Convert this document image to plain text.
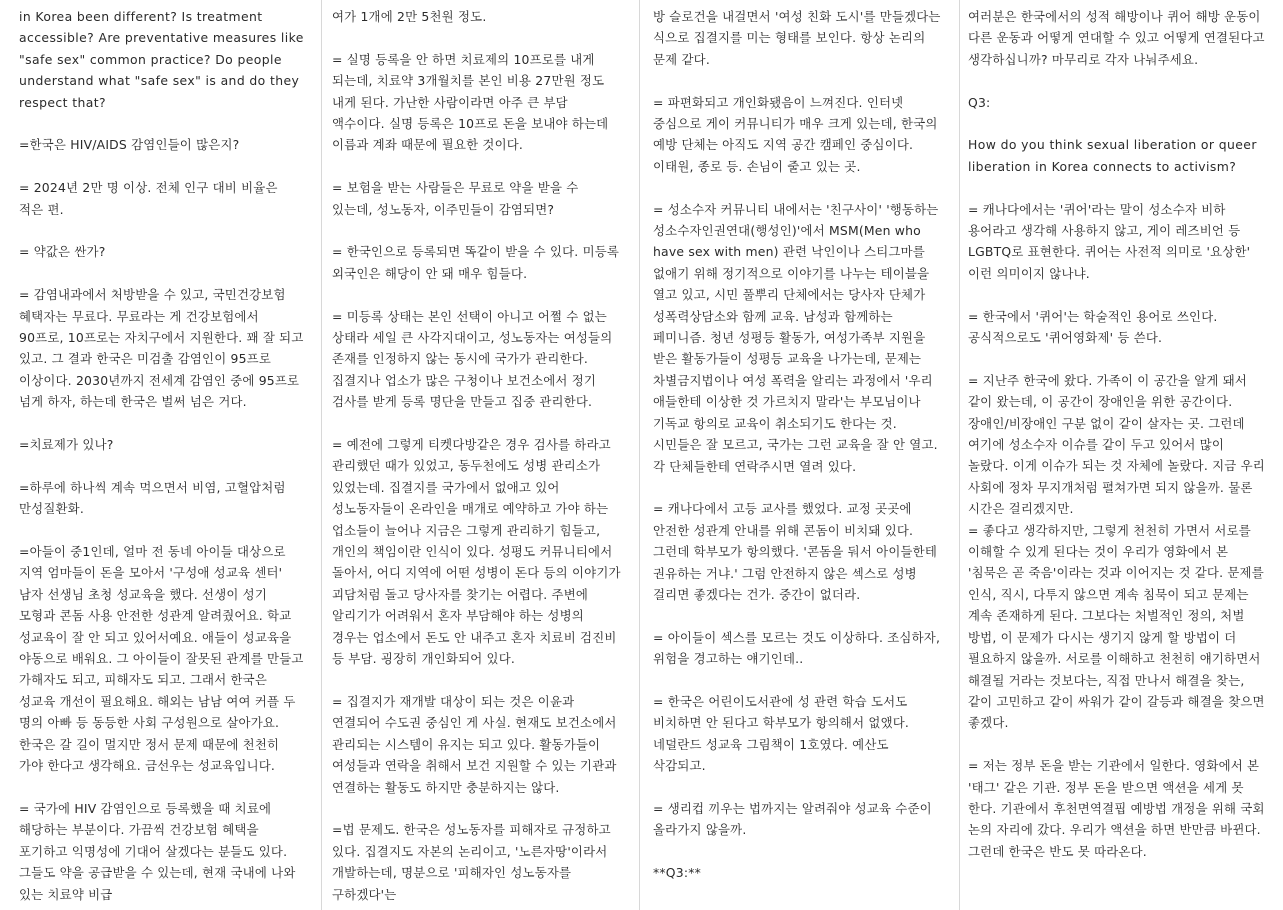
in Korea been different? Is treatment accessible? Are preventative measures like "safe sex" common practice? Do people understand what "safe sex" is and do they respect that?

=한국은 HIV/AIDS 감염인들이 많은지?

= 2024년 2만 명 이상. 전체 인구 대비 비율은 적은 편.

= 약값은 싼가?

= 감염내과에서 처방받을 수 있고, 국민건강보험 혜택자는 무료다. 무료라는 게 건강보험에서 90프로, 10프로는 자치구에서 지원한다. 꽤 잘 되고 있고. 그 결과 한국은 미검출 감염인이 95프로 이상이다. 2030년까지 전세계 감염인 중에 95프로 넘게 하자, 하는데 한국은 벌써 넘은 거다.

=치료제가 있나?

=하루에 하나씩 계속 먹으면서 비염, 고혈압처럼 만성질환화.

=아들이 중1인데, 얼마 전 동네 아이들 대상으로 지역 엄마들이 돈을 모아서 '구성애 성교육 센터' 남자 선생님 초청 성교육을 했다. 선생이 성기 모형과 콘돔 사용 안전한 성관계 알려줬어요. 학교 성교육이 잘 안 되고 있어서예요. 애들이 성교육을 야동으로 배워요. 그 아이들이 잘못된 관계를 만들고 가해자도 되고, 피해자도 되고. 그래서 한국은 성교육 개선이 필요해요. 해외는 남남 여여 커플 두 명의 아빠 등 동등한 사회 구성원으로 살아가요. 한국은 갈 길이 멀지만 정서 문제 때문에 천천히 가야 한다고 생각해요. 금선우는 성교육입니다.

= 국가에 HIV 감염인으로 등록했을 때 치료에 해당하는 부분이다. 가끔씩 건강보험 혜택을 포기하고 익명성에 기대어 살겠다는 분들도 있다. 그들도 약을 공급받을 수 있는데, 현재 국내에 나와 있는 치료약 비급

여가 1개에 2만 5천원 정도.

= 실명 등록을 안 하면 치료제의 10프로를 내게 되는데, 치료약 3개월치를 본인 비용 27만원 정도 내게 된다. 가난한 사람이라면 아주 큰 부담 액수이다. 실명 등록은 10프로 돈을 보내야 하는데 이름과 계좌 때문에 필요한 것이다.

= 보험을 받는 사람들은 무료로 약을 받을 수 있는데, 성노동자, 이주민들이 감염되면?

= 한국인으로 등록되면 똑같이 받을 수 있다. 미등록 외국인은 해당이 안 돼 매우 힘들다.

= 미등록 상태는 본인 선택이 아니고 어쩔 수 없는 상태라 세일 큰 사각지대이고, 성노동자는 여성들의 존재를 인정하지 않는 동시에 국가가 관리한다. 집결지나 업소가 많은 구청이나 보건소에서 정기 검사를 받게 등록 명단을 만들고 집중 관리한다.

= 예전에 그렇게 티켓다방같은 경우 검사를 하라고 관리했던 때가 있었고, 동두천에도 성병 관리소가 있었는데. 집결지를 국가에서 없애고 있어 성노동자들이 온라인을 매개로 예약하고 가야 하는 업소들이 늘어나 지금은 그렇게 관리하기 힘들고, 개인의 책임이란 인식이 있다. 성평도 커뮤니티에서 돌아서, 어디 지역에 어떤 성병이 돈다 등의 이야기가 괴담처럼 돌고 당사자를 찾기는 어렵다. 주변에 알리기가 어려워서 혼자 부담해야 하는 성병의 경우는 업소에서 돈도 안 내주고 혼자 치료비 검진비 등 부담. 굉장히 개인화되어 있다.

= 집결지가 재개발 대상이 되는 것은 이윤과 연결되어 수도권 중심인 게 사실. 현재도 보건소에서 관리되는 시스템이 유지는 되고 있다. 활동가들이 여성들과 연락을 취해서 보건 지원할 수 있는 기관과 연결하는 활동도 하지만 충분하지는 않다.

=법 문제도. 한국은 성노동자를 피해자로 규정하고 있다. 집결지도 자본의 논리이고, '노른자땅'이라서 개발하는데, 명분으로 '피해자인 성노동자를 구하겠다'는

방 슬로건을 내걸면서 '여성 친화 도시'를 만들겠다는 식으로 집결지를 미는 형태를 보인다. 항상 논리의 문제 같다.

= 파편화되고 개인화됐음이 느껴진다. 인터넷 중심으로 게이 커뮤니티가 매우 크게 있는데, 한국의 예방 단체는 아직도 지역 공간 캠페인 중심이다. 이태원, 종로 등. 손님이 줄고 있는 곳.

= 성소수자 커뮤니티 내에서는 '친구사이' '행동하는 성소수자인권연대(행성인)'에서 MSM(Men who have sex with men) 관련 낙인이나 스티그마를 없애기 위해 정기적으로 이야기를 나누는 테이블을 열고 있고, 시민 풀뿌리 단체에서는 당사자 단체가 성폭력상담소와 함께 교육. 남성과 함께하는 페미니즘. 청년 성평등 활동가, 여성가족부 지원을 받은 활동가들이 성평등 교육을 나가는데, 문제는 차별금지법이나 여성 폭력을 알리는 과정에서 '우리 애들한테 이상한 것 가르치지 말라'는 부모님이나 기독교 항의로 교육이 취소되기도 한다는 것. 시민들은 잘 모르고, 국가는 그런 교육을 잘 안 열고. 각 단체들한테 연락주시면 열려 있다.

= 캐나다에서 고등 교사를 했었다. 교정 곳곳에 안전한 성관계 안내를 위해 콘돔이 비치돼 있다. 그런데 학부모가 항의했다. '콘돔을 둬서 아이들한테 권유하는 거냐.' 그럼 안전하지 않은 섹스로 성병 걸리면 좋겠다는 건가. 중간이 없더라.

= 아이들이 섹스를 모르는 것도 이상하다. 조심하자, 위험을 경고하는 얘기인데..

= 한국은 어린이도서관에 성 관련 학습 도서도 비치하면 안 된다고 학부모가 항의해서 없앴다. 네덜란드 성교육 그림책이 1호였다. 예산도 삭감되고.

= 생리컵 끼우는 법까지는 알려줘야 성교육 수준이 올라가지 않을까.

**Q3:**

여러분은 한국에서의 성적 해방이나 퀴어 해방 운동이 다른 운동과 어떻게 연대할 수 있고 어떻게 연결된다고 생각하십니까? 마무리로 각자 나눠주세요.

Q3:

How do you think sexual liberation or queer liberation in Korea connects to activism?

= 캐나다에서는 '퀴어'라는 말이 성소수자 비하 용어라고 생각해 사용하지 않고, 게이 레즈비언 등 LGBTQ로 표현한다. 퀴어는 사전적 의미로 '요상한' 이런 의미이지 않나냐.

= 한국에서 '퀴어'는 학술적인 용어로 쓰인다. 공식적으로도 '퀴어영화제' 등 쓴다.

= 지난주 한국에 왔다. 가족이 이 공간을 알게 돼서 같이 왔는데, 이 공간이 장애인을 위한 공간이다. 장애인/비장애인 구분 없이 같이 살자는 곳. 그런데 여기에 성소수자 이슈를 같이 두고 있어서 많이 놀랐다. 이게 이슈가 되는 것 자체에 놀랐다. 지금 우리 사회에 정차 무지개처럼 펼쳐가면 되지 않을까. 물론 시간은 걸리겠지만.
= 좋다고 생각하지만, 그렇게 천천히 가면서 서로를 이해할 수 있게 된다는 것이 우리가 영화에서 본 '침묵은 곧 죽음'이라는 것과 이어지는 것 같다. 문제를 인식, 직시, 다투지 않으면 계속 침묵이 되고 문제는 계속 존재하게 된다. 그보다는 처벌적인 정의, 처벌 방법, 이 문제가 다시는 생기지 않게 할 방법이 더 필요하지 않을까. 서로를 이해하고 천천히 얘기하면서 해결될 거라는 것보다는, 직접 만나서 해결을 찾는, 같이 고민하고 같이 싸워가 같이 갈등과 해결을 찾으면 좋겠다.

= 저는 정부 돈을 받는 기관에서 일한다. 영화에서 본 '태그' 같은 기관. 정부 돈을 받으면 액션을 세게 못 한다. 기관에서 후천면역결핍 예방법 개정을 위해 국회 논의 자리에 갔다. 우리가 액션을 하면 반만큼 바뀐다. 그런데 한국은 반도 못 따라온다.
